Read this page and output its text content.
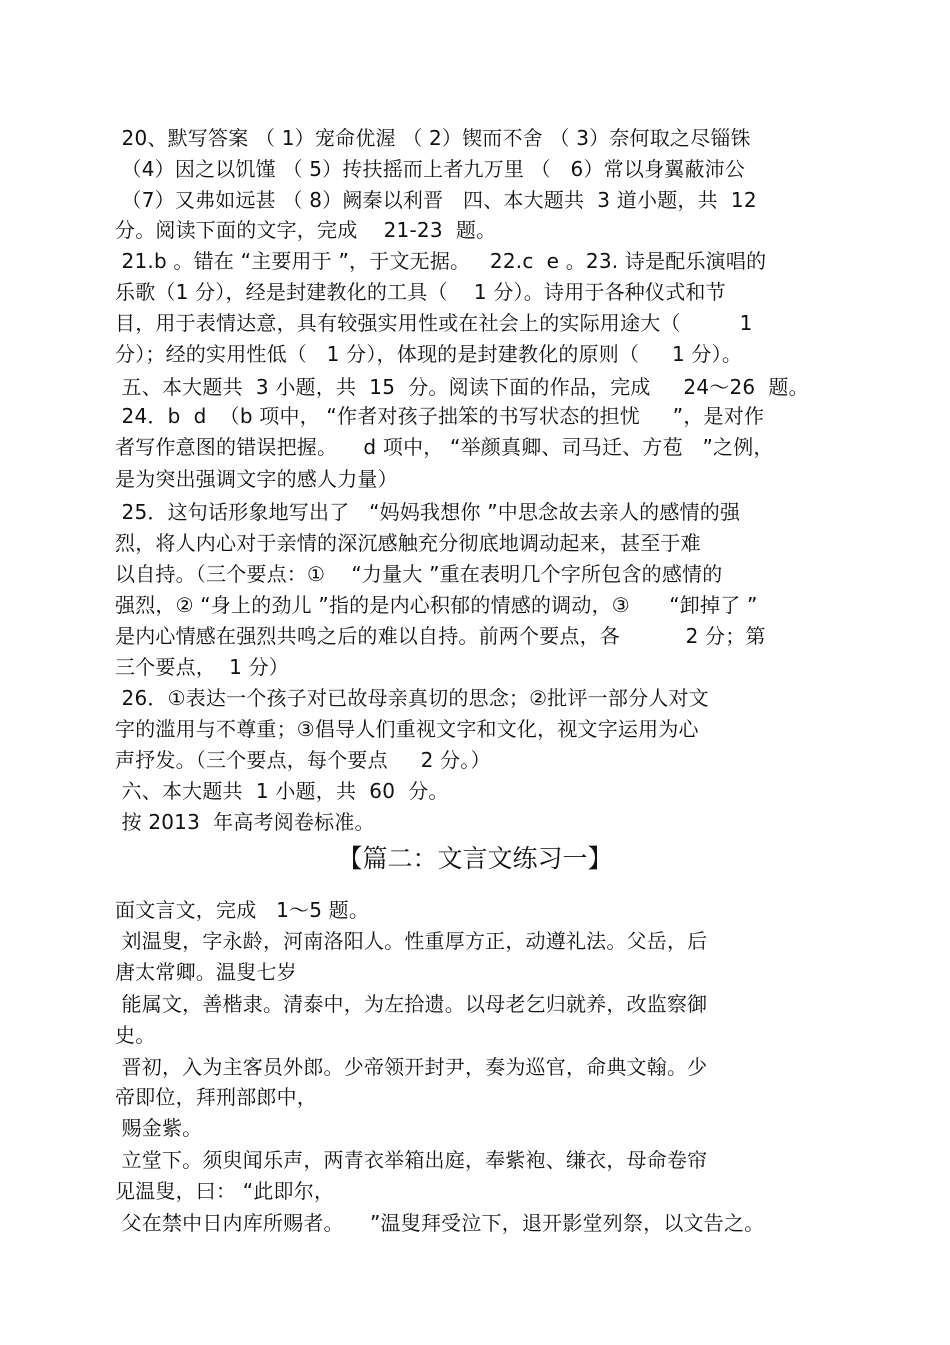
20、默写答案 （ 1）宠命优渥 （ 2）锲而不舍 （ 3）奈何取之尽锱铢
（4）因之以饥馑 （ 5）抟扶摇而上者九万里 （   6）常以身翼蔽沛公
（7）又弗如远甚 （ 8）阙秦以利晋   四、本大题共  3 道小题，共  12
分。阅读下面的文字，完成    21-23  题。
21.b 。错在 “主要用于 ”，于文无据。   22.c  e 。23. 诗是配乐演唱的
乐歌（1 分），经是封建教化的工具（    1 分）。诗用于各种仪式和节
目，用于表情达意，具有较强实用性或在社会上的实际用途大（         1
分）；经的实用性低（   1 分），体现的是封建教化的原则（     1 分）。
五、本大题共  3 小题，共  15  分。阅读下面的作品，完成     24～26  题。
24．b  d  （b 项中， “作者对孩子拙笨的书写状态的担忧     ”，是对作
者写作意图的错误把握。    d 项中， “举颜真卿、司马迁、方苞   ”之例，
是为突出强调文字的感人力量）
25．这句话形象地写出了   “妈妈我想你 ”中思念故去亲人的感情的强
烈，将人内心对于亲情的深沉感触充分彻底地调动起来，甚至于难
以自持。（三个要点：①    “力量大 ”重在表明几个字所包含的感情的
强烈，② “身上的劲儿 ”指的是内心积郁的情感的调动，③      “卸掉了 ”
是内心情感在强烈共鸣之后的难以自持。前两个要点，各          2 分；第
三个要点，  1 分）
26．①表达一个孩子对已故母亲真切的思念；②批评一部分人对文
字的滥用与不尊重；③倡导人们重视文字和文化，视文字运用为心
声抒发。（三个要点，每个要点     2 分。）
六、本大题共  1 小题，共  60  分。
按 2013  年高考阅卷标准。
【篇二：文言文练习一】
面文言文，完成   1～5 题。
刘温叟，字永龄，河南洛阳人。性重厚方正，动遵礼法。父岳，后
唐太常卿。温叟七岁
能属文，善楷隶。清泰中，为左拾遗。以母老乞归就养，改监察御
史。
晋初，入为主客员外郎。少帝领开封尹，奏为巡官，命典文翰。少
帝即位，拜刑部郎中，
赐金紫。
立堂下。须臾闻乐声，两青衣举箱出庭，奉紫袍、缣衣，母命卷帘
见温叟，曰： “此即尔，
父在禁中日内库所赐者。    ”温叟拜受泣下，退开影堂列祭，以文告之。
